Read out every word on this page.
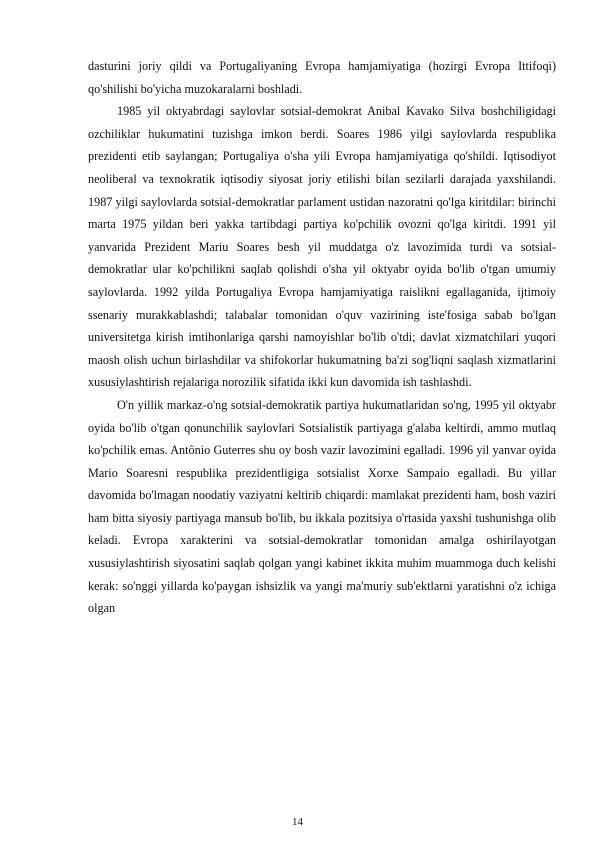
dasturini joriy qildi va Portugaliyaning Evropa hamjamiyatiga (hozirgi Evropa Ittifoqi) qo'shilishi bo'yicha muzokaralarni boshladi.

1985 yil oktyabrdagi saylovlar sotsial-demokrat Anibal Kavako Silva boshchiligidagi ozchiliklar hukumatini tuzishga imkon berdi. Soares 1986 yilgi saylovlarda respublika prezidenti etib saylangan; Portugaliya o'sha yili Evropa hamjamiyatiga qo'shildi. Iqtisodiyot neoliberal va texnokratik iqtisodiy siyosat joriy etilishi bilan sezilarli darajada yaxshilandi. 1987 yilgi saylovlarda sotsial-demokratlar parlament ustidan nazoratni qo'lga kiritdilar: birinchi marta 1975 yildan beri yakka tartibdagi partiya ko'pchilik ovozni qo'lga kiritdi. 1991 yil yanvarida Prezident Mariu Soares besh yil muddatga o'z lavozimida turdi va sotsial-demokratlar ular ko'pchilikni saqlab qolishdi o'sha yil oktyabr oyida bo'lib o'tgan umumiy saylovlarda. 1992 yilda Portugaliya Evropa hamjamiyatiga raislikni egallaganida, ijtimoiy ssenariy murakkablashdi; talabalar tomonidan o'quv vazirining iste'fosiga sabab bo'lgan universitetga kirish imtihonlariga qarshi namoyishlar bo'lib o'tdi; davlat xizmatchilari yuqori maosh olish uchun birlashdilar va shifokorlar hukumatning ba'zi sog'liqni saqlash xizmatlarini xususiylashtirish rejalariga norozilik sifatida ikki kun davomida ish tashlashdi.

O'n yillik markaz-o'ng sotsial-demokratik partiya hukumatlaridan so'ng, 1995 yil oktyabr oyida bo'lib o'tgan qonunchilik saylovlari Sotsialistik partiyaga g'alaba keltirdi, ammo mutlaq ko'pchilik emas. Antônio Guterres shu oy bosh vazir lavozimini egalladi. 1996 yil yanvar oyida Mario Soaresni respublika prezidentligiga sotsialist Xorxe Sampaio egalladi. Bu yillar davomida bo'lmagan noodatiy vaziyatni keltirib chiqardi: mamlakat prezidenti ham, bosh vaziri ham bitta siyosiy partiyaga mansub bo'lib, bu ikkala pozitsiya o'rtasida yaxshi tushunishga olib keladi. Evropa xarakterini va sotsial-demokratlar tomonidan amalga oshirilayotgan xususiylashtirish siyosatini saqlab qolgan yangi kabinet ikkita muhim muammoga duch kelishi kerak: so'nggi yillarda ko'paygan ishsizlik va yangi ma'muriy sub'ektlarni yaratishni o'z ichiga olgan

14
